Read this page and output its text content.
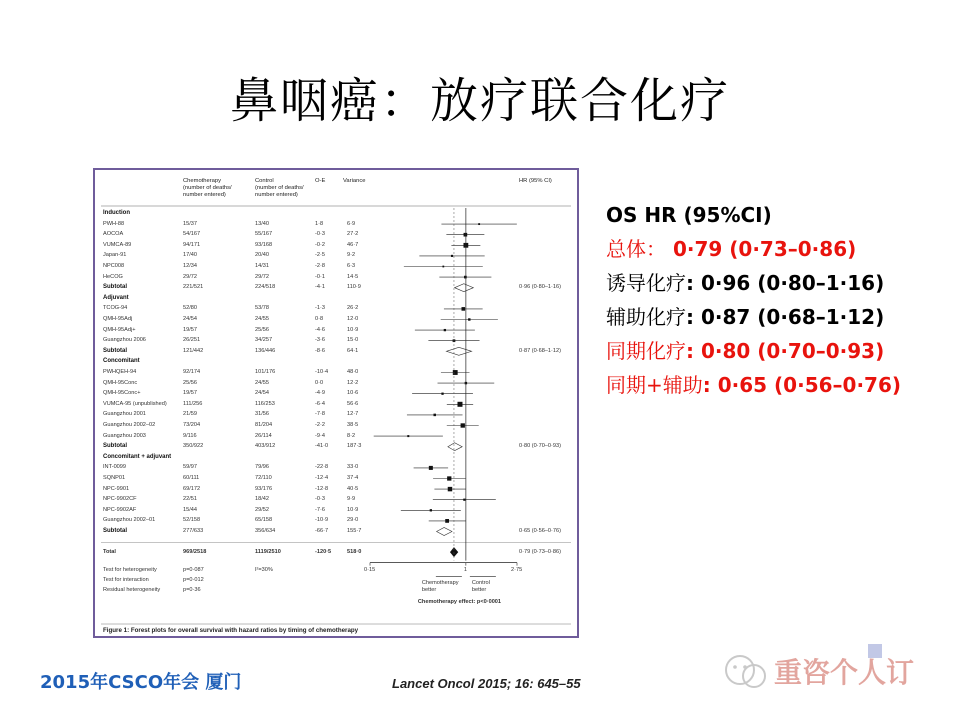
鼻咽癌：放疗联合化疗
Chemotherapy
(number of deaths/
number entered)
Control
(number of deaths/
number entered)
O-E	Variance	HR (95% CI)
Induction
PWH-88	15/37	13/40	1·8	6·9
AOCOA	54/167	55/167	-0·3	27·2
VUMCA-89	94/171	93/168	-0·2	46·7
Japan-91	17/40	20/40	-2·5	9·2
NPC008	12/34	14/31	-2·8	6·3
HeCOG	29/72	29/72	-0·1	14·5
Subtotal	221/521	224/518	-4·1	110·9	0·96 (0·80–1·16)
Adjuvant
TCOG-94	52/80	53/78	-1·3	26·2
QMH-95Adj	24/54	24/55	0·8	12·0
QMH-95Adj+	19/57	25/56	-4·6	10·9
Guangzhou 2006	26/251	34/257	-3·6	15·0
Subtotal	121/442	136/446	-8·6	64·1	0·87 (0·68–1·12)
Concomitant
PWHQEH-94	92/174	101/176	-10·4	48·0
QMH-95Conc	25/56	24/55	0·0	12·2
QMH-95Conc+	19/57	24/54	-4·9	10·6
VUMCA-95 (unpublished)	111/256	116/253	-6·4	56·6
Guangzhou 2001	21/59	31/56	-7·8	12·7
Guangzhou 2002–02	73/204	81/204	-2·2	38·5
Guangzhou 2003	9/116	26/114	-9·4	8·2
Subtotal	350/922	403/912	-41·0	187·3	0·80 (0·70–0·93)
Concomitant + adjuvant
INT-0099	59/97	79/96	-22·8	33·0
SQNP01	60/111	72/110	-12·4	37·4
NPC-9901	69/172	93/176	-12·8	40·5
NPC-9902CF	22/51	18/42	-0·3	9·9
NPC-9902AF	15/44	29/52	-7·6	10·9
Guangzhou 2002–01	52/158	65/158	-10·9	29·0
Subtotal	277/633	356/634	-66·7	155·7	0·65 (0·56–0·76)
Total	969/2518	1119/2510	-120·5	518·0	0·79 (0·73–0·86)
0·15	1	2·75
Chemotherapy
better
Control
better
Chemotherapy effect: p<0·0001
Test for heterogeneity	p=0·087	I²=30%
Test for interaction	p=0·012
Residual heterogeneity	p=0·36
Figure 1: Forest plots for overall survival with hazard ratios by timing of chemotherapy
OS HR (95%CI)
总体： 0·79 (0·73–0·86)
诱导化疗: 0·96 (0·80–1·16)
辅助化疗: 0·87 (0·68–1·12)
同期化疗: 0·80 (0·70–0·93)
同期+辅助: 0·65 (0·56–0·76)
2015年CSCO年会 厦门	Lancet Oncol 2015; 16: 645–55	重咨个人订
